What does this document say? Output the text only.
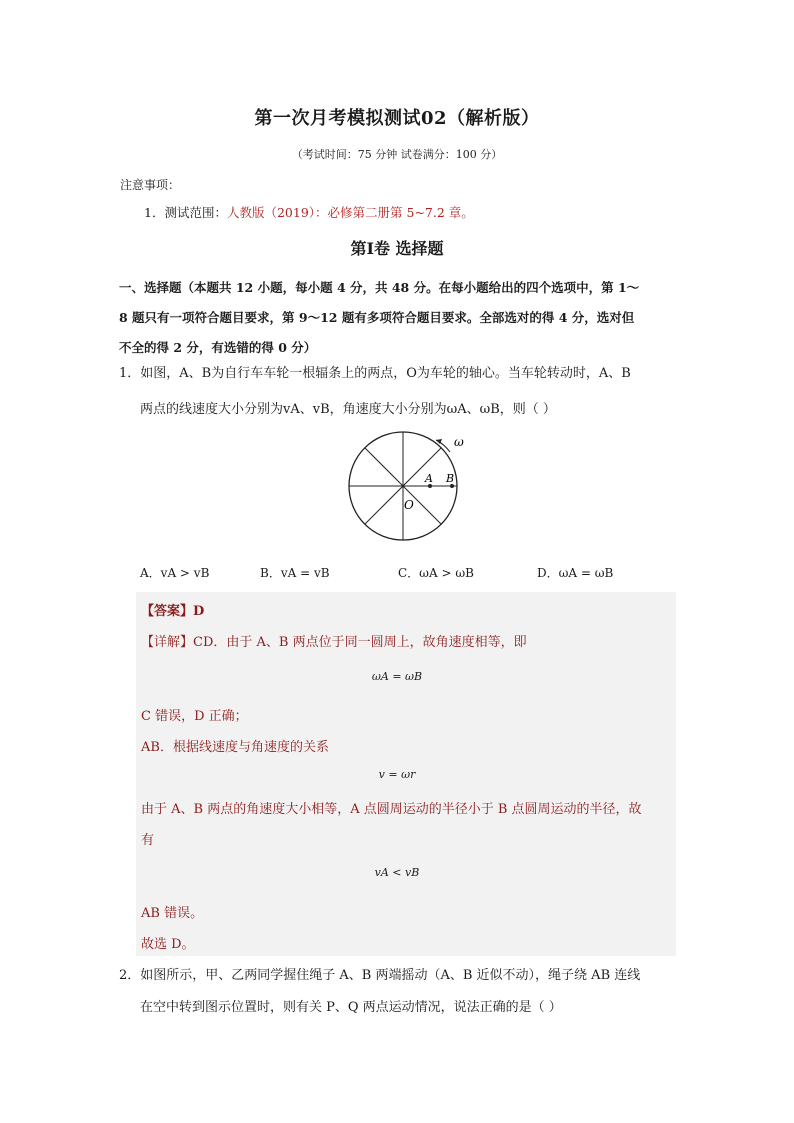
第一次月考模拟测试02（解析版）
（考试时间：75 分钟 试卷满分：100 分）
注意事项：
1．测试范围：人教版（2019）：必修第二册第 5~7.2 章。
第Ⅰ卷 选择题
一、选择题（本题共 12 小题，每小题 4 分，共 48 分。在每小题给出的四个选项中，第 1～
8 题只有一项符合题目要求，第 9～12 题有多项符合题目要求。全部选对的得 4 分，选对但
不全的得 2 分，有选错的得 0 分）
1．如图，A、B为自行车车轮一根辐条上的两点，O为车轮的轴心。当车轮转动时，A、B
两点的线速度大小分别为vA、vB，角速度大小分别为ωA、ωB，则（ ）
ω
A B
O
A．vA > vB	B．vA = vB	C．ωA > ωB	D．ωA = ωB
【答案】D
【详解】CD．由于 A、B 两点位于同一圆周上，故角速度相等，即
ωA = ωB
C 错误，D 正确；
AB．根据线速度与角速度的关系
v = ωr
由于 A、B 两点的角速度大小相等，A 点圆周运动的半径小于 B 点圆周运动的半径，故
有
vA < vB
AB 错误。
故选 D。
2．如图所示，甲、乙两同学握住绳子 A、B 两端摇动（A、B 近似不动），绳子绕 AB 连线
在空中转到图示位置时，则有关 P、Q 两点运动情况，说法正确的是（ ）
